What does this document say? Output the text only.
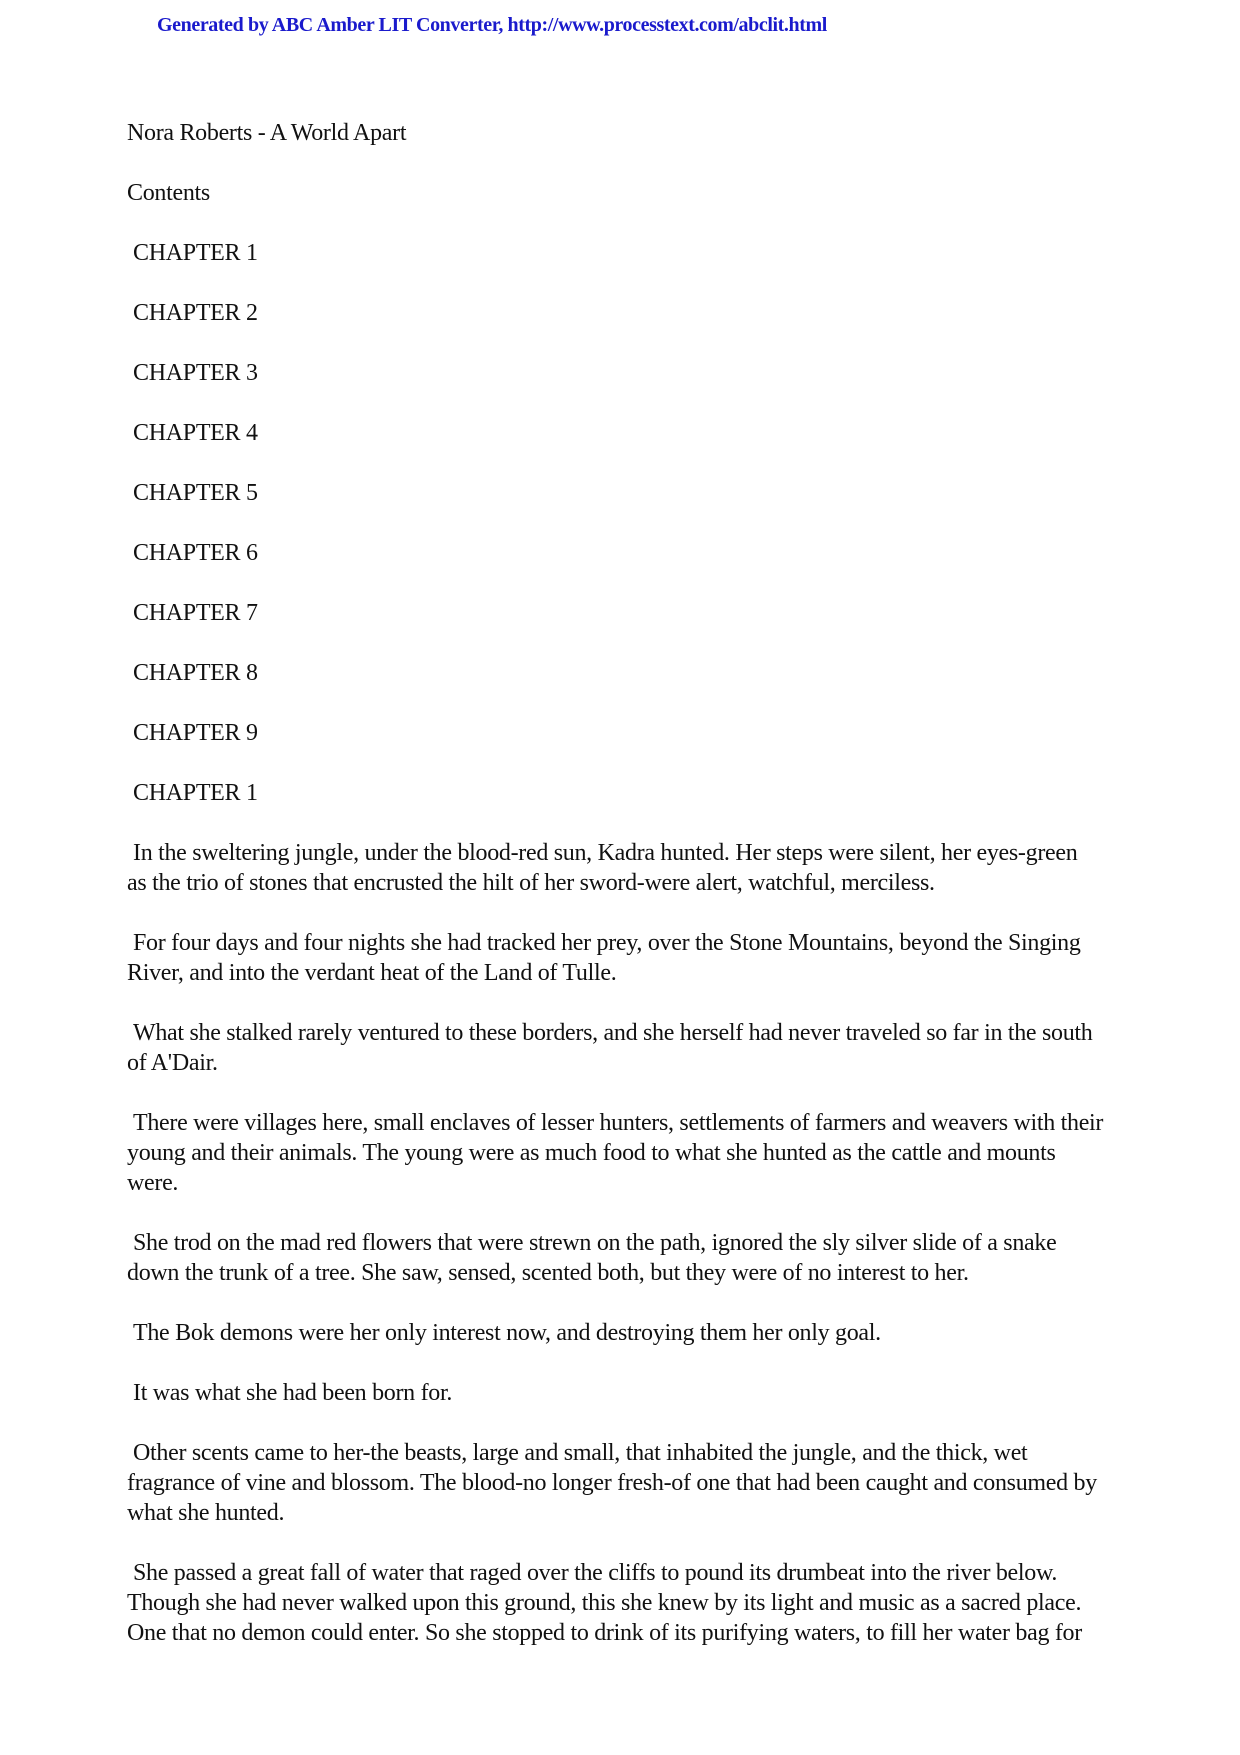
Generated by ABC Amber LIT Converter, http://www.processtext.com/abclit.html

Nora Roberts - A World Apart

Contents

CHAPTER 1

CHAPTER 2

CHAPTER 3

CHAPTER 4

CHAPTER 5

CHAPTER 6

CHAPTER 7

CHAPTER 8

CHAPTER 9

CHAPTER 1

In the sweltering jungle, under the blood-red sun, Kadra hunted. Her steps were silent, her eyes-green
as the trio of stones that encrusted the hilt of her sword-were alert, watchful, merciless.

For four days and four nights she had tracked her prey, over the Stone Mountains, beyond the Singing
River, and into the verdant heat of the Land of Tulle.

What she stalked rarely ventured to these borders, and she herself had never traveled so far in the south
of A'Dair.

There were villages here, small enclaves of lesser hunters, settlements of farmers and weavers with their
young and their animals. The young were as much food to what she hunted as the cattle and mounts
were.

She trod on the mad red flowers that were strewn on the path, ignored the sly silver slide of a snake
down the trunk of a tree. She saw, sensed, scented both, but they were of no interest to her.

The Bok demons were her only interest now, and destroying them her only goal.

It was what she had been born for.

Other scents came to her-the beasts, large and small, that inhabited the jungle, and the thick, wet
fragrance of vine and blossom. The blood-no longer fresh-of one that had been caught and consumed by
what she hunted.

She passed a great fall of water that raged over the cliffs to pound its drumbeat into the river below.
Though she had never walked upon this ground, this she knew by its light and music as a sacred place.
One that no demon could enter. So she stopped to drink of its purifying waters, to fill her water bag for
